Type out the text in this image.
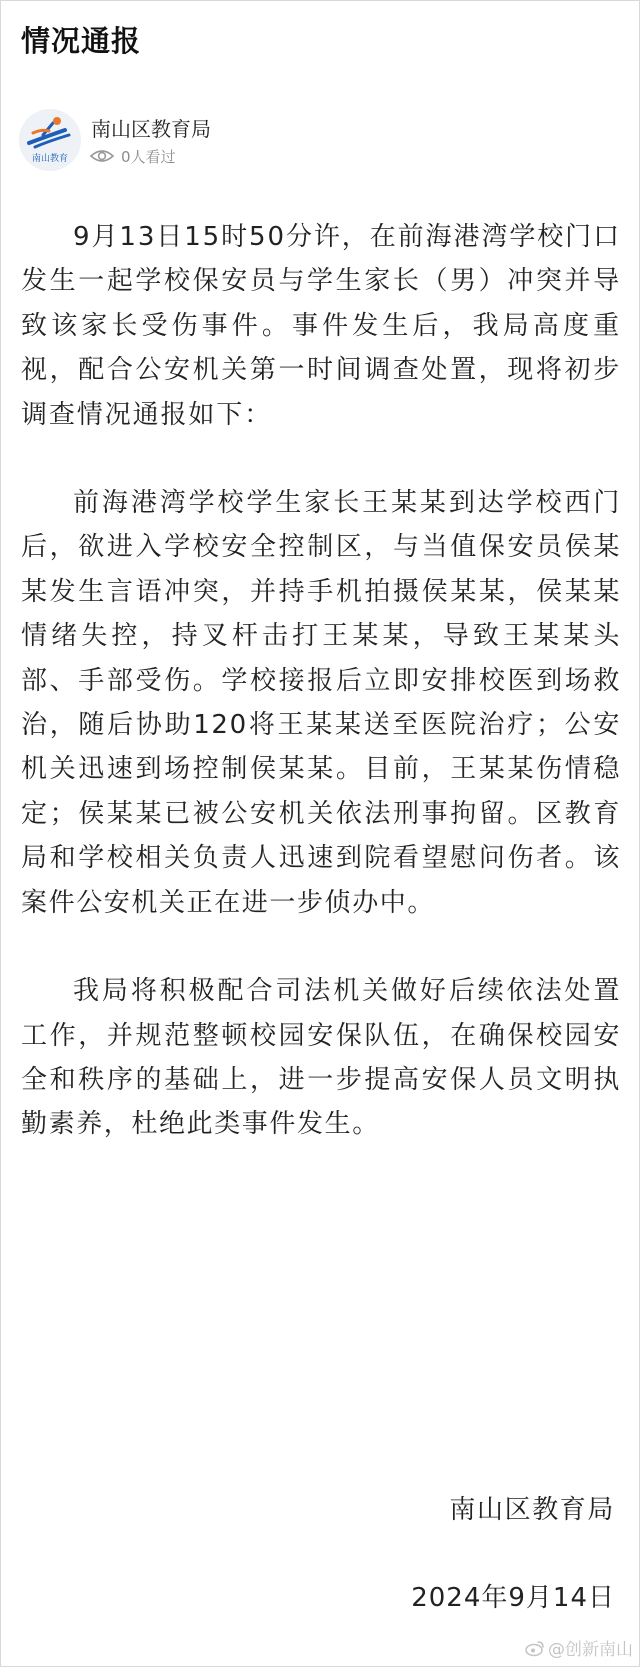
情况通报
南山教育
南山区教育局
0人看过

9月13日15时50分许，在前海港湾学校门口发生一起学校保安员与学生家长（男）冲突并导致该家长受伤事件。事件发生后，我局高度重视，配合公安机关第一时间调查处置，现将初步调查情况通报如下：

前海港湾学校学生家长王某某到达学校西门后，欲进入学校安全控制区，与当值保安员侯某某发生言语冲突，并持手机拍摄侯某某，侯某某情绪失控，持叉杆击打王某某，导致王某某头部、手部受伤。学校接报后立即安排校医到场救治，随后协助120将王某某送至医院治疗；公安机关迅速到场控制侯某某。目前，王某某伤情稳定；侯某某已被公安机关依法刑事拘留。区教育局和学校相关负责人迅速到院看望慰问伤者。该案件公安机关正在进一步侦办中。

我局将积极配合司法机关做好后续依法处置工作，并规范整顿校园安保队伍，在确保校园安全和秩序的基础上，进一步提高安保人员文明执勤素养，杜绝此类事件发生。

南山区教育局
2024年9月14日
@创新南山
